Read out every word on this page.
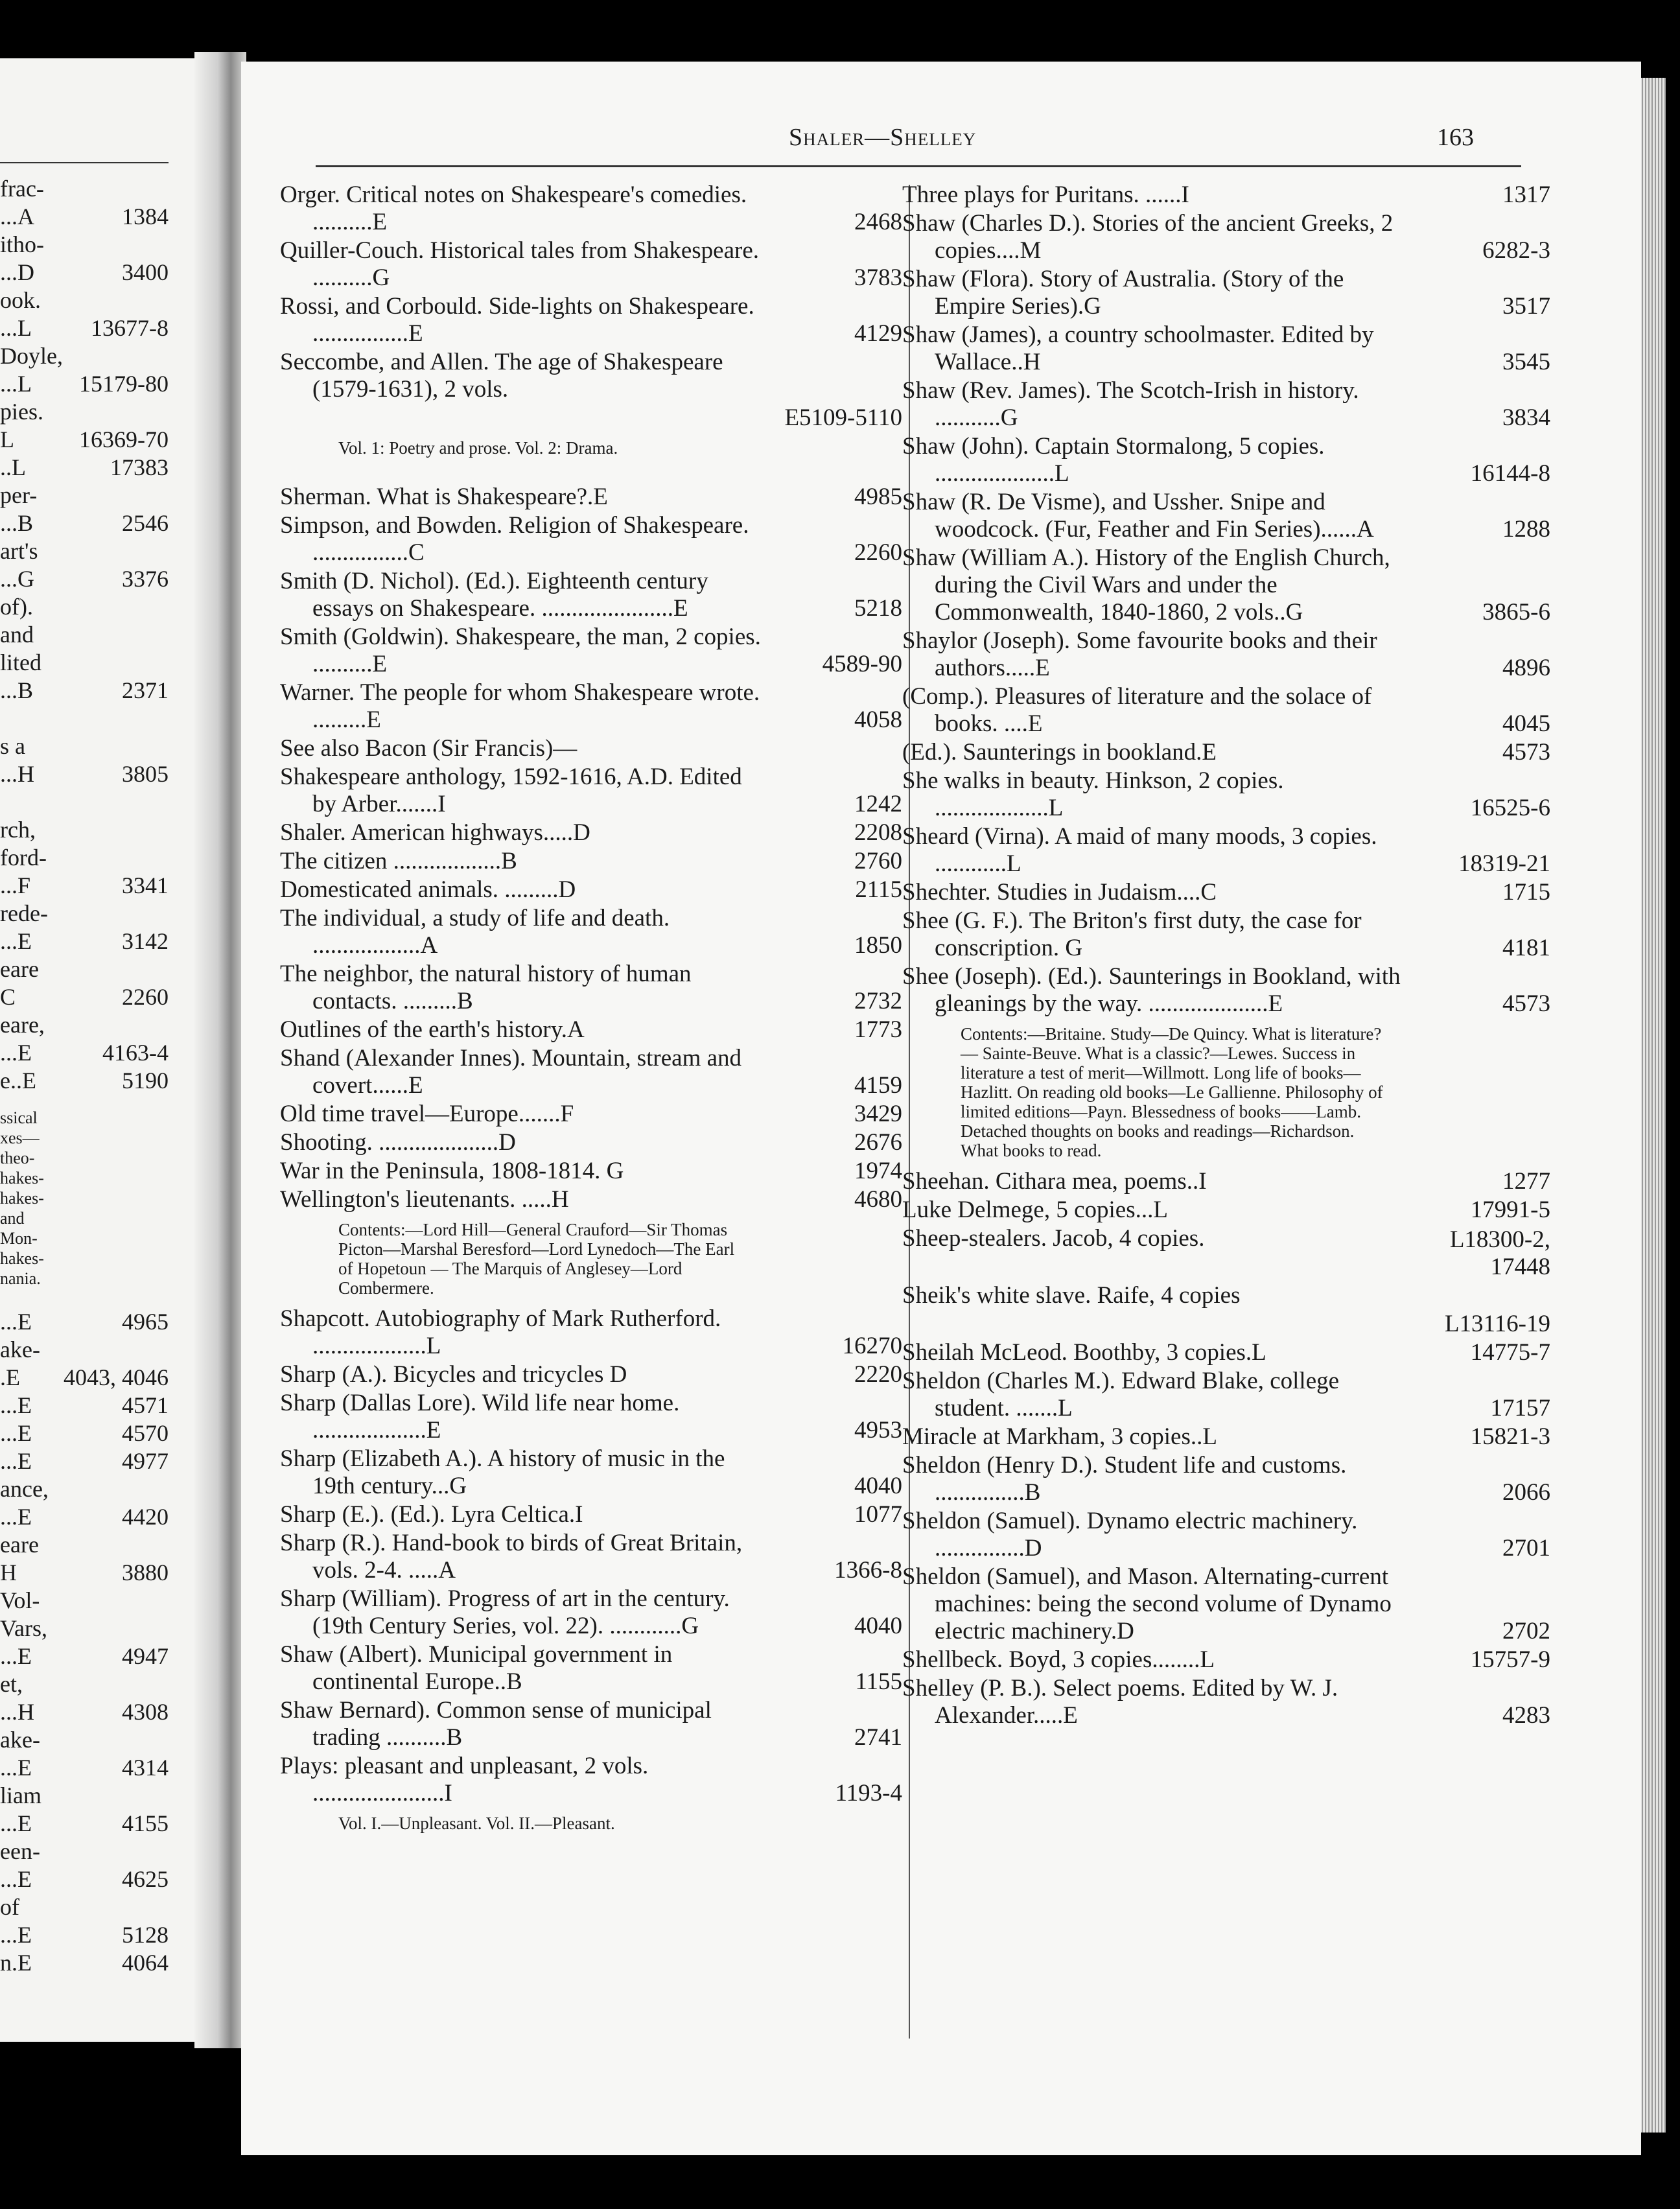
frac-
...A	1384
itho-
...D	3400
ook.
...L	13677-8
Doyle,
...L 15179-80
pies.
L	16369-70
..L	17383
per-
...B	2546
art's
...G	3376
of).
and
lited
...B	2371
s a
...H	3805
rch,
ford-
...F	3341
rede-
...E	3142
eare
C	2260
eare,
...E	4163-4
e..E	5190
ssical
xes—
theo-
hakes-
hakes-
and
Mon-
hakes-
nania.
...E	4965
ake-
.E 4043, 4046
...E	4571
...E	4570
...E	4977
ance,
...E	4420
eare
H	3880
Vol-
Vars,
...E	4947
et,
...H	4308
ake-
...E	4314
liam
...E	4155
een-
...E	4625
of
...E	5128
n.E	4064
Shaler—Shelley	163
Orger. Critical notes on Shakespeare's comedies. ..........E	2468
Quiller-Couch. Historical tales from Shakespeare. ..........G	3783
Rossi, and Corbould. Side-lights on Shakespeare. ................E	4129
Seccombe, and Allen. The age of Shakespeare (1579-1631), 2 vols.

E5109-5110
Vol. 1: Poetry and prose. Vol. 2: Drama.
Sherman. What is Shakespeare?.E	4985
Simpson, and Bowden. Religion of Shakespeare. ................C	2260
Smith (D. Nichol). (Ed.). Eighteenth century essays on Shakespeare. ......................E	5218
Smith (Goldwin). Shakespeare, the man, 2 copies. ..........E	4589-90
Warner. The people for whom Shakespeare wrote. .........E	4058
See also Bacon (Sir Francis)—
Shakespeare anthology, 1592-1616, A.D. Edited by Arber.......I	1242
Shaler. American highways.....D	2208
The citizen ..................B	2760
Domesticated animals. .........D	2115
The individual, a study of life and death. ..................A	1850
The neighbor, the natural history of human contacts. .........B	2732
Outlines of the earth's history.A	1773
Shand (Alexander Innes). Mountain, stream and covert......E	4159
Old time travel—Europe.......F	3429
Shooting. ....................D	2676
War in the Peninsula, 1808-1814. G	1974
Wellington's lieutenants. .....H	4680
Contents:—Lord Hill—General Crauford—Sir Thomas Picton—Marshal Beresford—Lord Lynedoch—The Earl of Hopetoun — The Marquis of Anglesey—Lord Combermere.
Shapcott. Autobiography of Mark Rutherford. ...................L	16270
Sharp (A.). Bicycles and tricycles D	2220
Sharp (Dallas Lore). Wild life near home. ...................E	4953
Sharp (Elizabeth A.). A history of music in the 19th century...G	4040
Sharp (E.). (Ed.). Lyra Celtica.I	1077
Sharp (R.). Hand-book to birds of Great Britain, vols. 2-4. .....A	1366-8
Sharp (William). Progress of art in the century. (19th Century Series, vol. 22). ............G	4040
Shaw (Albert). Municipal government in continental Europe..B	1155
Shaw Bernard). Common sense of municipal trading ..........B	2741
Plays: pleasant and unpleasant, 2 vols. ......................I	1193-4
Vol. I.—Unpleasant. Vol. II.—Pleasant.
Three plays for Puritans. ......I	1317
Shaw (Charles D.). Stories of the ancient Greeks, 2 copies....M	6282-3
Shaw (Flora). Story of Australia. (Story of the Empire Series).G	3517
Shaw (James), a country schoolmaster. Edited by Wallace..H	3545
Shaw (Rev. James). The Scotch-Irish in history. ...........G	3834
Shaw (John). Captain Stormalong, 5 copies. ....................L	16144-8
Shaw (R. De Visme), and Ussher. Snipe and woodcock. (Fur, Feather and Fin Series)......A	1288
Shaw (William A.). History of the English Church, during the Civil Wars and under the Commonwealth, 1840-1860, 2 vols..G	3865-6
Shaylor (Joseph). Some favourite books and their authors.....E	4896
(Comp.). Pleasures of literature and the solace of books. ....E	4045
(Ed.). Saunterings in bookland.E	4573
She walks in beauty. Hinkson, 2 copies. ...................L	16525-6
Sheard (Virna). A maid of many moods, 3 copies. ............L	18319-21
Shechter. Studies in Judaism....C	1715
Shee (G. F.). The Briton's first duty, the case for conscription. G	4181
Shee (Joseph). (Ed.). Saunterings in Bookland, with gleanings by the way. ....................E	4573
Contents:—Britaine. Study—De Quincy. What is literature? — Sainte-Beuve. What is a classic?—Lewes. Success in literature a test of merit—Willmott. Long life of books—Hazlitt. On reading old books—Le Gallienne. Philosophy of limited editions—Payn. Blessedness of books——Lamb. Detached thoughts on books and readings—Richardson. What books to read.
Sheehan. Cithara mea, poems..I	1277
Luke Delmege, 5 copies...L	17991-5
Sheep-stealers. Jacob, 4 copies.
	L18300-2, 17448
Sheik's white slave. Raife, 4 copies

L13116-19
Sheilah McLeod. Boothby, 3 copies.L	14775-7
Sheldon (Charles M.). Edward Blake, college student. .......L	17157
Miracle at Markham, 3 copies..L	15821-3
Sheldon (Henry D.). Student life and customs. ...............B	2066
Sheldon (Samuel). Dynamo electric machinery. ...............D	2701
Sheldon (Samuel), and Mason. Alternating-current machines: being the second volume of Dynamo electric machinery.D	2702
Shellbeck. Boyd, 3 copies........L	15757-9
Shelley (P. B.). Select poems. Edited by W. J. Alexander.....E	4283
